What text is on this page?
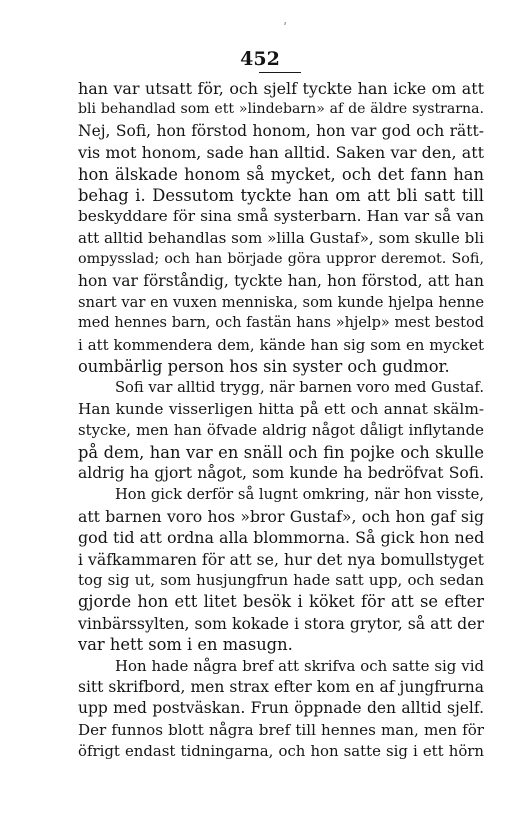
'
452
han var utsatt för, och sjelf tyckte han icke om att
bli behandlad som ett »lindebarn» af de äldre systrarna.
Nej, Sofi, hon förstod honom, hon var god och rätt-
vis mot honom, sade han alltid. Saken var den, att
hon älskade honom så mycket, och det fann han
behag i. Dessutom tyckte han om att bli satt till
beskyddare för sina små systerbarn. Han var så van
att alltid behandlas som »lilla Gustaf», som skulle bli
ompysslad; och han började göra uppror deremot. Sofi,
hon var förståndig, tyckte han, hon förstod, att han
snart var en vuxen menniska, som kunde hjelpa henne
med hennes barn, och fastän hans »hjelp» mest bestod
i att kommendera dem, kände han sig som en mycket
oumbärlig person hos sin syster och gudmor.
Sofi var alltid trygg, när barnen voro med Gustaf.
Han kunde visserligen hitta på ett och annat skälm-
stycke, men han öfvade aldrig något dåligt inflytande
på dem, han var en snäll och fin pojke och skulle
aldrig ha gjort något, som kunde ha bedröfvat Sofi.
Hon gick derför så lugnt omkring, när hon visste,
att barnen voro hos »bror Gustaf», och hon gaf sig
god tid att ordna alla blommorna. Så gick hon ned
i väfkammaren för att se, hur det nya bomullstyget
tog sig ut, som husjungfrun hade satt upp, och sedan
gjorde hon ett litet besök i köket för att se efter
vinbärssylten, som kokade i stora grytor, så att der
var hett som i en masugn.
Hon hade några bref att skrifva och satte sig vid
sitt skrifbord, men strax efter kom en af jungfrurna
upp med postväskan. Frun öppnade den alltid sjelf.
Der funnos blott några bref till hennes man, men för
öfrigt endast tidningarna, och hon satte sig i ett hörn
